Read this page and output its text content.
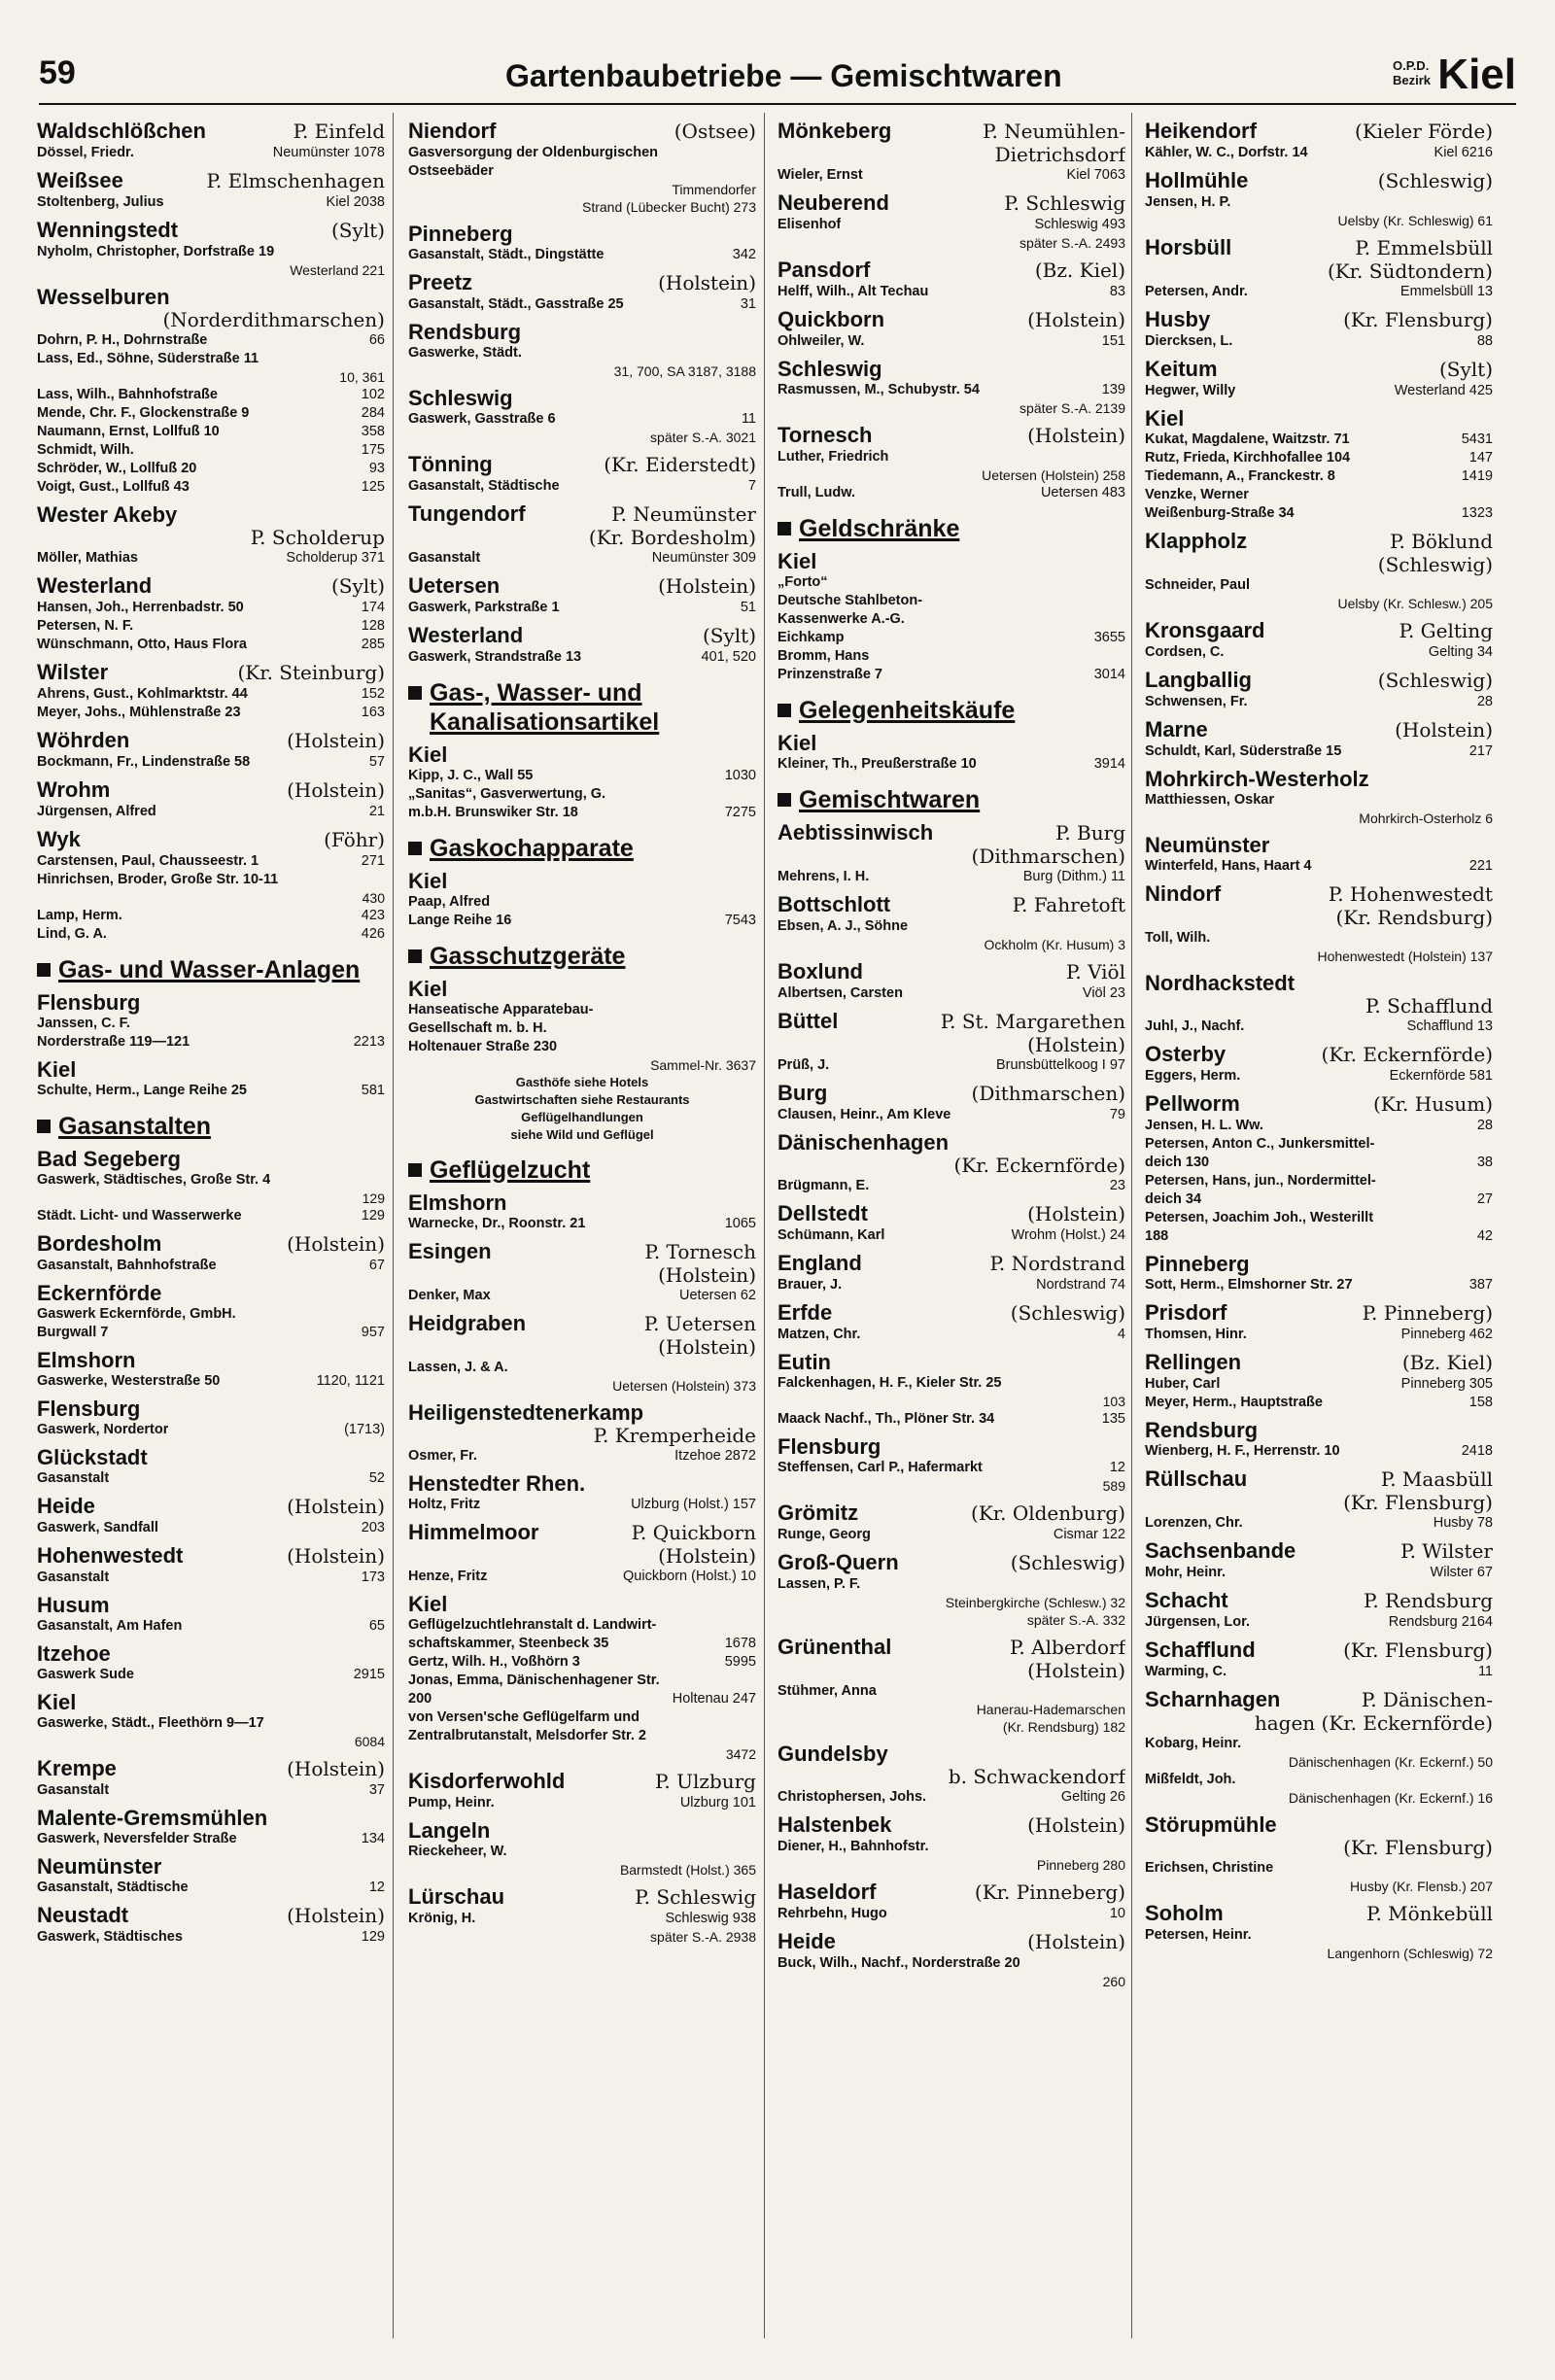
59	Gartenbaubetriebe — Gemischtwaren	O.P.D.
Bezirk Kiel
Waldschlößchen	P. Einfeld
Dössel, Friedr.	Neumünster 1078
Weißsee	P. Elmschenhagen
Stoltenberg, Julius	Kiel 2038
Wenningstedt	(Sylt)
Nyholm, Christopher, Dorfstraße 19
Westerland 221
Wesselburen
(Norderdithmarschen)
Dohrn, P. H., Dohrnstraße	66
Lass, Ed., Söhne, Süderstraße 11
10, 361
Lass, Wilh., Bahnhofstraße	102
Mende, Chr. F., Glockenstraße 9	284
Naumann, Ernst, Lollfuß 10	358
Schmidt, Wilh.	175
Schröder, W., Lollfuß 20	93
Voigt, Gust., Lollfuß 43	125
Wester Akeby
P. Scholderup
Möller, Mathias	Scholderup 371
Westerland	(Sylt)
Hansen, Joh., Herrenbadstr. 50	174
Petersen, N. F.	128
Wünschmann, Otto, Haus Flora	285
Wilster	(Kr. Steinburg)
Ahrens, Gust., Kohlmarktstr. 44	152
Meyer, Johs., Mühlenstraße 23	163
Wöhrden	(Holstein)
Bockmann, Fr., Lindenstraße 58	57
Wrohm	(Holstein)
Jürgensen, Alfred	21
Wyk	(Föhr)
Carstensen, Paul, Chausseestr. 1	271
Hinrichsen, Broder, Große Str. 10-11
430
Lamp, Herm.	423
Lind, G. A.	426
Gas- und Wasser-Anlagen
Flensburg
Janssen, C. F.
Norderstraße 119—121	2213
Kiel
Schulte, Herm., Lange Reihe 25	581
Gasanstalten
Bad Segeberg
Gaswerk, Städtisches, Große Str. 4
129
Städt. Licht- und Wasserwerke	129
Bordesholm	(Holstein)
Gasanstalt, Bahnhofstraße	67
Eckernförde
Gaswerk Eckernförde, GmbH.
Burgwall 7	957
Elmshorn
Gaswerke, Westerstraße 50	1120, 1121
Flensburg
Gaswerk, Nordertor	(1713)
Glückstadt
Gasanstalt	52
Heide	(Holstein)
Gaswerk, Sandfall	203
Hohenwestedt	(Holstein)
Gasanstalt	173
Husum
Gasanstalt, Am Hafen	65
Itzehoe
Gaswerk Sude	2915
Kiel
Gaswerke, Städt., Fleethörn 9—17
6084
Krempe	(Holstein)
Gasanstalt	37
Malente-Gremsmühlen
Gaswerk, Neversfelder Straße	134
Neumünster
Gasanstalt, Städtische	12
Neustadt	(Holstein)
Gaswerk, Städtisches	129
Niendorf	(Ostsee)
Gasversorgung der Oldenburgischen
Ostseebäder
Timmendorfer
Strand (Lübecker Bucht) 273
Pinneberg
Gasanstalt, Städt., Dingstätte	342
Preetz	(Holstein)
Gasanstalt, Städt., Gasstraße 25	31
Rendsburg
Gaswerke, Städt.
31, 700, SA 3187, 3188
Schleswig
Gaswerk, Gasstraße 6	11
später S.-A. 3021
Tönning	(Kr. Eiderstedt)
Gasanstalt, Städtische	7
Tungendorf	P. Neumünster
(Kr. Bordesholm)
Gasanstalt	Neumünster 309
Uetersen	(Holstein)
Gaswerk, Parkstraße 1	51
Westerland	(Sylt)
Gaswerk, Strandstraße 13	401, 520
Gas-, Wasser- und Kanalisationsartikel
Kiel
Kipp, J. C., Wall 55	1030
„Sanitas“, Gasverwertung, G.
m.b.H. Brunswiker Str. 18	7275
Gaskochapparate
Kiel
Paap, Alfred
Lange Reihe 16	7543
Gasschutzgeräte
Kiel
Hanseatische Apparatebau-
Gesellschaft m. b. H.
Holtenauer Straße 230
Sammel-Nr. 3637
Gasthöfe siehe Hotels
Gastwirtschaften siehe Restaurants
Geflügelhandlungen
siehe Wild und Geflügel
Geflügelzucht
Elmshorn
Warnecke, Dr., Roonstr. 21	1065
Esingen	P. Tornesch
(Holstein)
Denker, Max	Uetersen 62
Heidgraben	P. Uetersen
(Holstein)
Lassen, J. & A.
Uetersen (Holstein) 373
Heiligenstedtenerkamp
P. Kremperheide
Osmer, Fr.	Itzehoe 2872
Henstedter Rhen.
Holtz, Fritz	Ulzburg (Holst.) 157
Himmelmoor	P. Quickborn
(Holstein)
Henze, Fritz	Quickborn (Holst.) 10
Kiel
Geflügelzuchtlehranstalt d. Landwirt-
schaftskammer, Steenbeck 35	1678
Gertz, Wilh. H., Voßhörn 3	5995
Jonas, Emma, Dänischenhagener Str.
200	Holtenau 247
von Versen'sche Geflügelfarm und
Zentralbrutanstalt, Melsdorfer Str. 2
3472
Kisdorferwohld	P. Ulzburg
Pump, Heinr.	Ulzburg 101
Langeln
Rieckeheer, W.
Barmstedt (Holst.) 365
Lürschau	P. Schleswig
Krönig, H.	Schleswig 938
später S.-A. 2938
Mönkeberg	P. Neumühlen-
Dietrichsdorf
Wieler, Ernst	Kiel 7063
Neuberend	P. Schleswig
Elisenhof	Schleswig 493
später S.-A. 2493
Pansdorf	(Bz. Kiel)
Helff, Wilh., Alt Techau	83
Quickborn	(Holstein)
Ohlweiler, W.	151
Schleswig
Rasmussen, M., Schubystr. 54	139
später S.-A. 2139
Tornesch	(Holstein)
Luther, Friedrich
Uetersen (Holstein) 258
Trull, Ludw.	Uetersen 483
Geldschränke
Kiel
„Forto“
Deutsche Stahlbeton-
Kassenwerke A.-G.
Eichkamp	3655
Bromm, Hans
Prinzenstraße 7	3014
Gelegenheitskäufe
Kiel
Kleiner, Th., Preußerstraße 10	3914
Gemischtwaren
Aebtissinwisch	P. Burg
(Dithmarschen)
Mehrens, I. H.	Burg (Dithm.) 11
Bottschlott	P. Fahretoft
Ebsen, A. J., Söhne
Ockholm (Kr. Husum) 3
Boxlund	P. Viöl
Albertsen, Carsten	Viöl 23
Büttel	P. St. Margarethen
(Holstein)
Prüß, J.	Brunsbüttelkoog I 97
Burg	(Dithmarschen)
Clausen, Heinr., Am Kleve	79
Dänischenhagen
(Kr. Eckernförde)
Brügmann, E.	23
Dellstedt	(Holstein)
Schümann, Karl	Wrohm (Holst.) 24
England	P. Nordstrand
Brauer, J.	Nordstrand 74
Erfde	(Schleswig)
Matzen, Chr.	4
Eutin
Falckenhagen, H. F., Kieler Str. 25
103
Maack Nachf., Th., Plöner Str. 34	135
Flensburg
Steffensen, Carl P., Hafermarkt	12
589
Grömitz	(Kr. Oldenburg)
Runge, Georg	Cismar 122
Groß-Quern	(Schleswig)
Lassen, P. F.
Steinbergkirche (Schlesw.) 32
später S.-A. 332
Grünenthal	P. Alberdorf
(Holstein)
Stühmer, Anna
Hanerau-Hademarschen
(Kr. Rendsburg) 182
Gundelsby
b. Schwackendorf
Christophersen, Johs.	Gelting 26
Halstenbek	(Holstein)
Diener, H., Bahnhofstr.
Pinneberg 280
Haseldorf	(Kr. Pinneberg)
Rehrbehn, Hugo	10
Heide	(Holstein)
Buck, Wilh., Nachf., Norderstraße 20
260
Heikendorf	(Kieler Förde)
Kähler, W. C., Dorfstr. 14	Kiel 6216
Hollmühle	(Schleswig)
Jensen, H. P.
Uelsby (Kr. Schleswig) 61
Horsbüll	P. Emmelsbüll
(Kr. Südtondern)
Petersen, Andr.	Emmelsbüll 13
Husby	(Kr. Flensburg)
Diercksen, L.	88
Keitum	(Sylt)
Hegwer, Willy	Westerland 425
Kiel
Kukat, Magdalene, Waitzstr. 71	5431
Rutz, Frieda, Kirchhofallee 104	147
Tiedemann, A., Franckestr. 8	1419
Venzke, Werner
Weißenburg-Straße 34	1323
Klappholz	P. Böklund
(Schleswig)
Schneider, Paul
Uelsby (Kr. Schlesw.) 205
Kronsgaard	P. Gelting
Cordsen, C.	Gelting 34
Langballig	(Schleswig)
Schwensen, Fr.	28
Marne	(Holstein)
Schuldt, Karl, Süderstraße 15	217
Mohrkirch-Westerholz
Matthiessen, Oskar
Mohrkirch-Osterholz 6
Neumünster
Winterfeld, Hans, Haart 4	221
Nindorf	P. Hohenwestedt
(Kr. Rendsburg)
Toll, Wilh.
Hohenwestedt (Holstein) 137
Nordhackstedt
P. Schafflund
Juhl, J., Nachf.	Schafflund 13
Osterby	(Kr. Eckernförde)
Eggers, Herm.	Eckernförde 581
Pellworm	(Kr. Husum)
Jensen, H. L. Ww.	28
Petersen, Anton C., Junkersmittel-
deich 130	38
Petersen, Hans, jun., Nordermittel-
deich 34	27
Petersen, Joachim Joh., Westerillt
188	42
Pinneberg
Sott, Herm., Elmshorner Str. 27	387
Prisdorf	P. Pinneberg)
Thomsen, Hinr.	Pinneberg 462
Rellingen	(Bz. Kiel)
Huber, Carl	Pinneberg 305
Meyer, Herm., Hauptstraße	158
Rendsburg
Wienberg, H. F., Herrenstr. 10	2418
Rüllschau	P. Maasbüll
(Kr. Flensburg)
Lorenzen, Chr.	Husby 78
Sachsenbande	P. Wilster
Mohr, Heinr.	Wilster 67
Schacht	P. Rendsburg
Jürgensen, Lor.	Rendsburg 2164
Schafflund	(Kr. Flensburg)
Warming, C.	11
Scharnhagen	P. Dänischen-
hagen (Kr. Eckernförde)
Kobarg, Heinr.
Dänischenhagen (Kr. Eckernf.) 50
Mißfeldt, Joh.
Dänischenhagen (Kr. Eckernf.) 16
Störupmühle
(Kr. Flensburg)
Erichsen, Christine
Husby (Kr. Flensb.) 207
Soholm	P. Mönkebüll
Petersen, Heinr.
Langenhorn (Schleswig) 72
